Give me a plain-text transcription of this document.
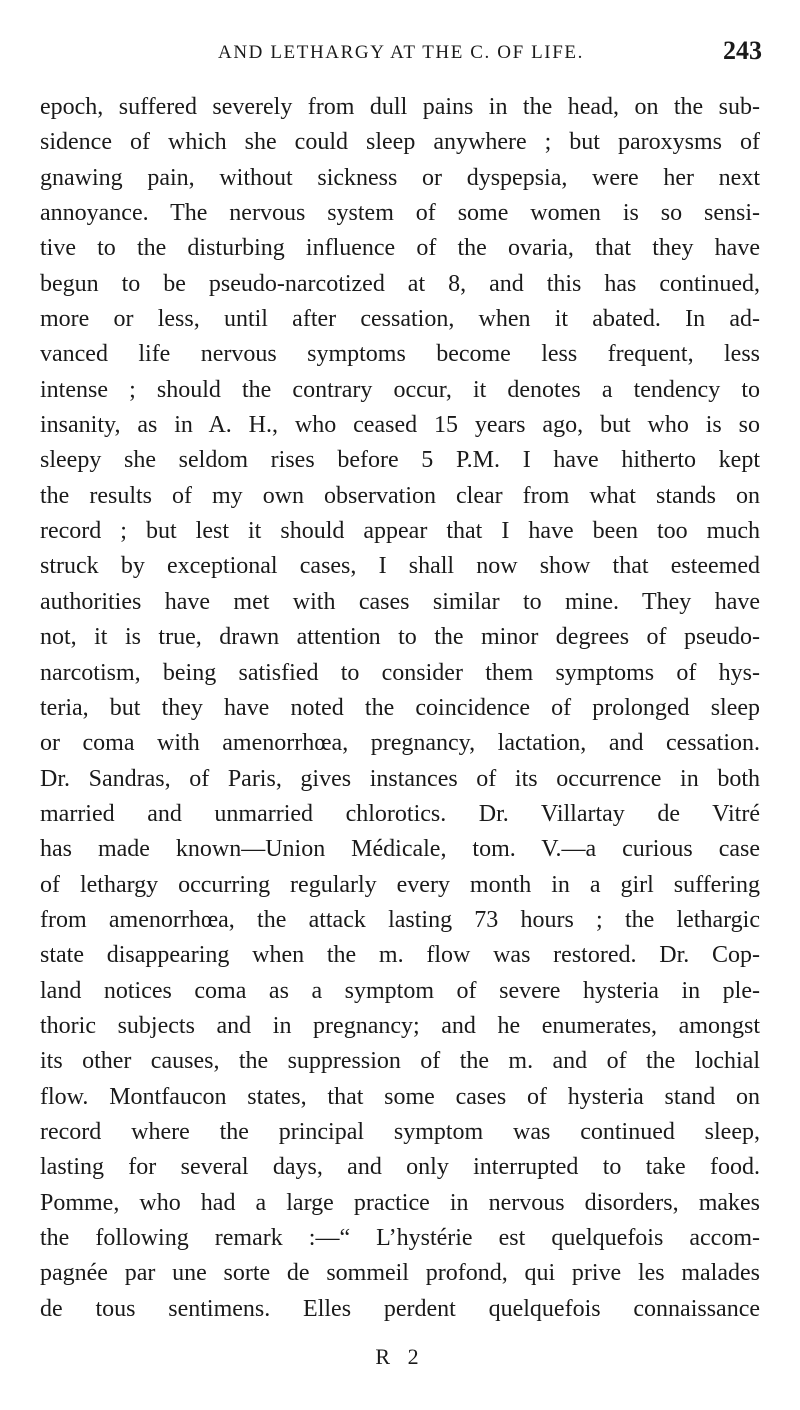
AND LETHARGY AT THE C. OF LIFE.	243
epoch, suffered severely from dull pains in the head, on the sub-
sidence of which she could sleep anywhere ; but paroxysms of
gnawing pain, without sickness or dyspepsia, were her next
annoyance. The nervous system of some women is so sensi-
tive to the disturbing influence of the ovaria, that they have
begun to be pseudo-narcotized at 8, and this has continued,
more or less, until after cessation, when it abated. In ad-
vanced life nervous symptoms become less frequent, less
intense ; should the contrary occur, it denotes a tendency to
insanity, as in A. H., who ceased 15 years ago, but who is so
sleepy she seldom rises before 5 P.M. I have hitherto kept
the results of my own observation clear from what stands on
record ; but lest it should appear that I have been too much
struck by exceptional cases, I shall now show that esteemed
authorities have met with cases similar to mine. They have
not, it is true, drawn attention to the minor degrees of pseudo-
narcotism, being satisfied to consider them symptoms of hys-
teria, but they have noted the coincidence of prolonged sleep
or coma with amenorrhœa, pregnancy, lactation, and cessation.
Dr. Sandras, of Paris, gives instances of its occurrence in both
married and unmarried chlorotics. Dr. Villartay de Vitré
has made known—Union Médicale, tom. V.—a curious case
of lethargy occurring regularly every month in a girl suffering
from amenorrhœa, the attack lasting 73 hours ; the lethargic
state disappearing when the m. flow was restored. Dr. Cop-
land notices coma as a symptom of severe hysteria in ple-
thoric subjects and in pregnancy; and he enumerates, amongst
its other causes, the suppression of the m. and of the lochial
flow. Montfaucon states, that some cases of hysteria stand on
record where the principal symptom was continued sleep,
lasting for several days, and only interrupted to take food.
Pomme, who had a large practice in nervous disorders, makes
the following remark :—“ L’hystérie est quelquefois accom-
pagnée par une sorte de sommeil profond, qui prive les malades
de tous sentimens. Elles perdent quelquefois connaissance
R 2
